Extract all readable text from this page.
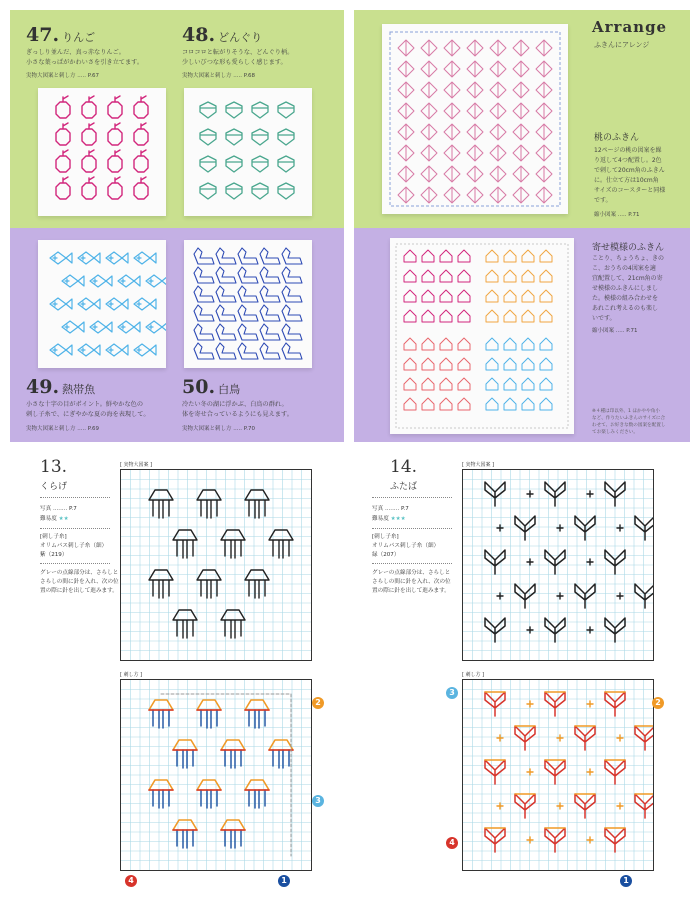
47. りんご
ぎっしり並んだ、真っ赤なりんご。
小さな葉っぱがかわいさを引き立てます。
実物大図案と刺し方 ..... P.67
48. どんぐり
コロコロと転がりそうな、どんぐり柄。
少しいびつな形も愛らしく感じます。
実物大図案と刺し方 ..... P.68
49. 熱帯魚
小さな十字の目がポイント。鮮やかな色の
刺し子糸で、にぎやかな夏の海を表現して。
実物大図案と刺し方 ..... P.69
50. 白鳥
冷たい冬の湖に浮かぶ、白鳥の群れ。
体を寄せ合っているようにも見えます。
実物大図案と刺し方 ..... P.70
Arrange
ふきんにアレンジ
桃のふきん
12ページの桃の図案を繰
り返して4つ配置し。2色
で刺して20cm角のふきん
に。仕立て方は10cm角
サイズのコースターと同様
です。
縮小図案 ..... P.71
寄せ模様のふきん
ことり、ちょうちょ、きの
こ、おうちの4図案を適
宜配置して、21cm角の寄
せ模様のふきんにしまし
た。模様の組み合わせを
あれこれ考えるのも楽し
いです。
縮小図案 ..... P.71
※４種は印以外、1 ほかやや角小
など、作りたいふきんのサイズに合
わせて、お好きな数の図案を配置し
てお楽しみください。
13.
くらげ
写真 ........ P.7
難易度 ★★
[刺し子糸]
オリムパス刺し子糸（細）
紫（219）
グレーの点線部分は、さらしと
さらしの間に針を入れ、次の位
置の際に針を出して進みます。
[ 実物大図案 ]
[ 刺し方 ]
4	1
2
3
14.
ふたば
写真 ........ P.7
難易度 ★★★
[刺し子糸]
オリムパス刺し子糸（細）
緑（207）
グレーの点線部分は、さらしと
さらしの間に針を入れ、次の位
置の際に針を出して進みます。
[ 実物大図案 ]
[ 刺し方 ]
3
2
4
1
